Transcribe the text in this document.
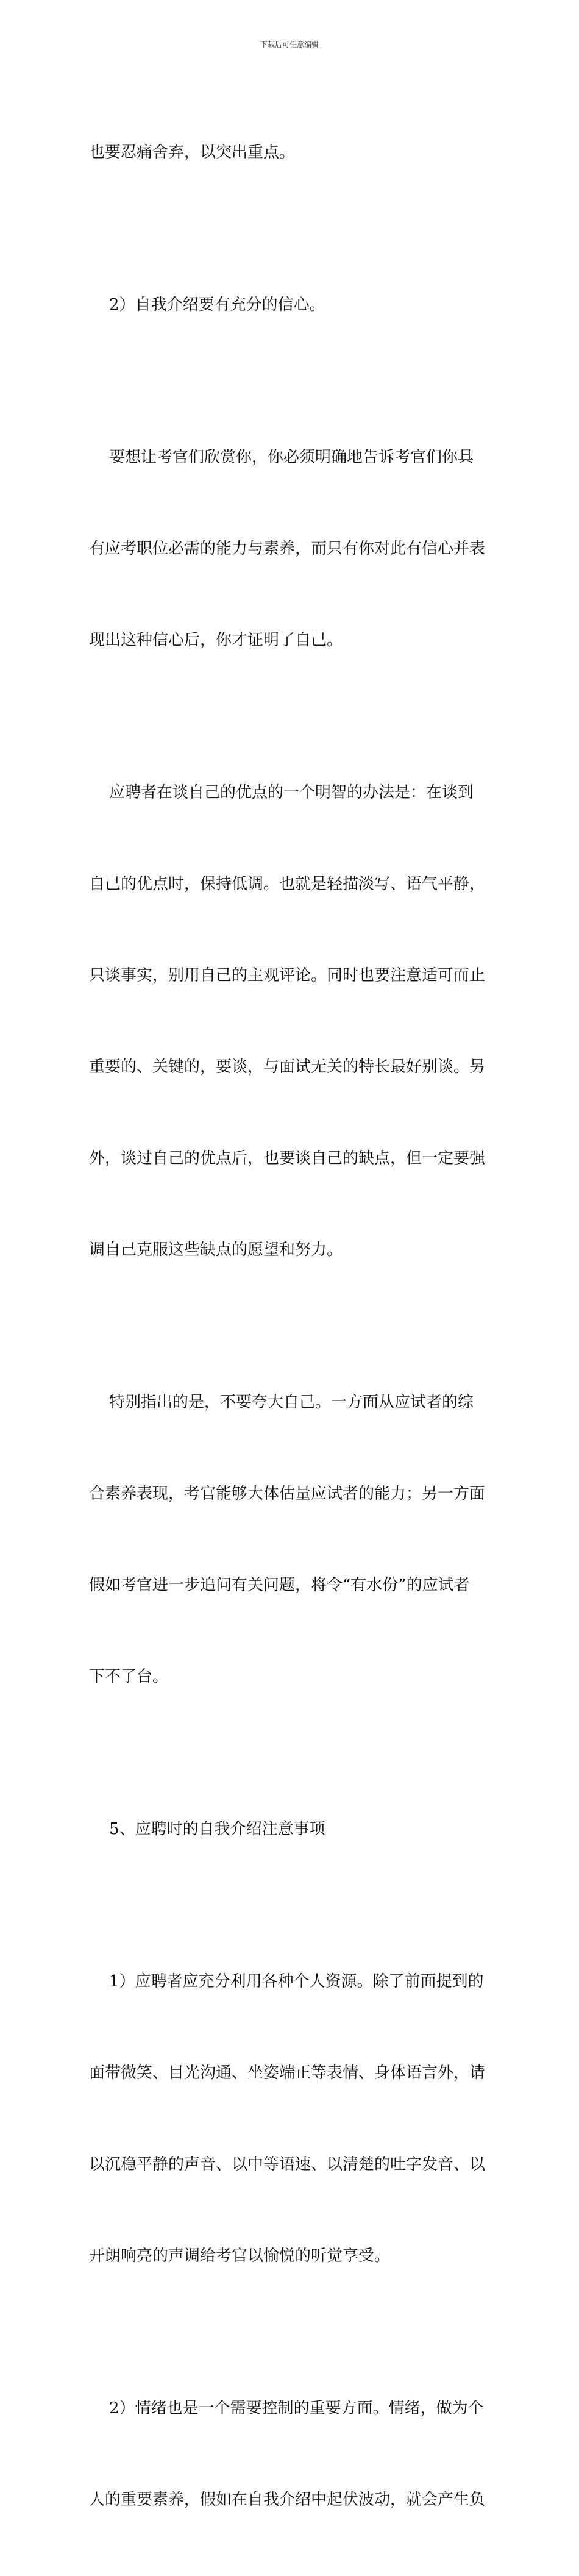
下载后可任意编辑

也要忍痛舍弃，以突出重点。

2）自我介绍要有充分的信心。

要想让考官们欣赏你，你必须明确地告诉考官们你具

有应考职位必需的能力与素养，而只有你对此有信心并表

现出这种信心后，你才证明了自己。

应聘者在谈自己的优点的一个明智的办法是：在谈到

自己的优点时，保持低调。也就是轻描淡写、语气平静，

只谈事实，别用自己的主观评论。同时也要注意适可而止

重要的、关键的，要谈，与面试无关的特长最好别谈。另

外，谈过自己的优点后，也要谈自己的缺点，但一定要强

调自己克服这些缺点的愿望和努力。

特别指出的是，不要夸大自己。一方面从应试者的综

合素养表现，考官能够大体估量应试者的能力；另一方面

假如考官进一步追问有关问题，将令“有水份”的应试者

下不了台。

5、应聘时的自我介绍注意事项

1）应聘者应充分利用各种个人资源。除了前面提到的

面带微笑、目光沟通、坐姿端正等表情、身体语言外，请

以沉稳平静的声音、以中等语速、以清楚的吐字发音、以

开朗响亮的声调给考官以愉悦的听觉享受。

2）情绪也是一个需要控制的重要方面。情绪，做为个

人的重要素养，假如在自我介绍中起伏波动，就会产生负
